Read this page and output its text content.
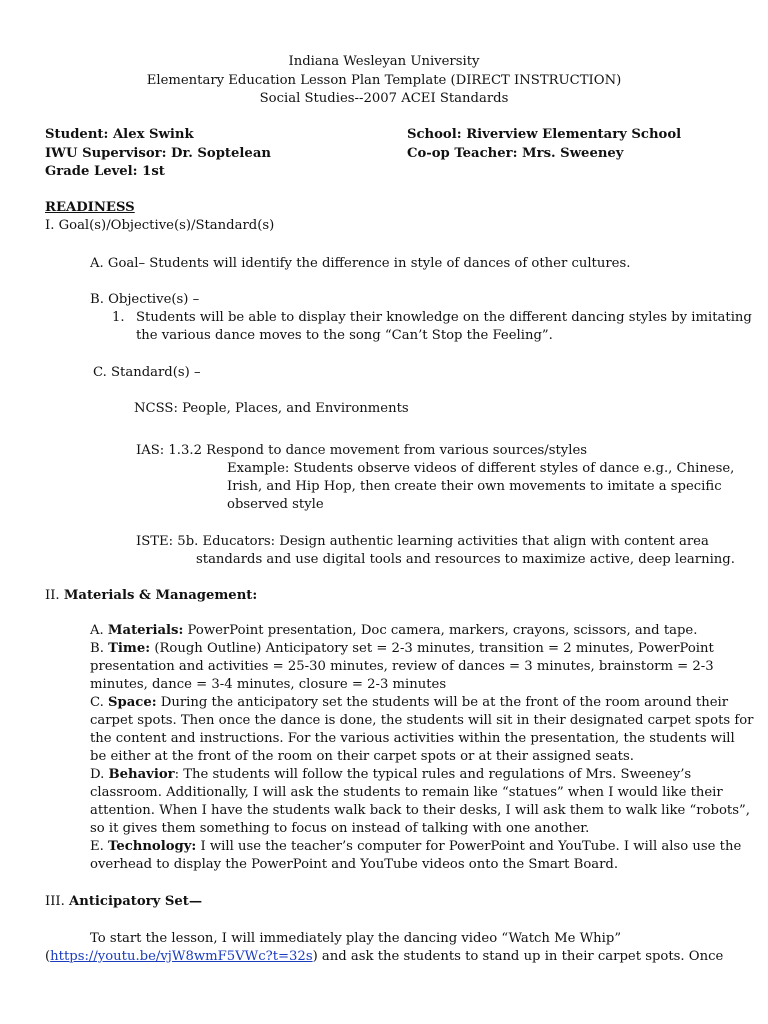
Indiana Wesleyan University
Elementary Education Lesson Plan Template (DIRECT INSTRUCTION)
Social Studies--2007 ACEI Standards
Student: Alex Swink
IWU Supervisor: Dr. Soptelean
Grade Level: 1st
School: Riverview Elementary School
Co-op Teacher: Mrs. Sweeney
READINESS
I. Goal(s)/Objective(s)/Standard(s)
A. Goal– Students will identify the difference in style of dances of other cultures.
B. Objective(s) –
1. Students will be able to display their knowledge on the different dancing styles by imitating
the various dance moves to the song “Can’t Stop the Feeling”.
C. Standard(s) –
NCSS: People, Places, and Environments
IAS: 1.3.2 Respond to dance movement from various sources/styles
Example: Students observe videos of different styles of dance e.g., Chinese,
Irish, and Hip Hop, then create their own movements to imitate a specific
observed style
ISTE: 5b. Educators: Design authentic learning activities that align with content area
standards and use digital tools and resources to maximize active, deep learning.
II. Materials & Management:
A. Materials: PowerPoint presentation, Doc camera, markers, crayons, scissors, and tape.
B. Time: (Rough Outline) Anticipatory set = 2-3 minutes, transition = 2 minutes, PowerPoint
presentation and activities = 25-30 minutes, review of dances = 3 minutes, brainstorm = 2-3
minutes, dance = 3-4 minutes, closure = 2-3 minutes
C. Space: During the anticipatory set the students will be at the front of the room around their
carpet spots. Then once the dance is done, the students will sit in their designated carpet spots for
the content and instructions. For the various activities within the presentation, the students will
be either at the front of the room on their carpet spots or at their assigned seats.
D. Behavior: The students will follow the typical rules and regulations of Mrs. Sweeney’s
classroom. Additionally, I will ask the students to remain like “statues” when I would like their
attention. When I have the students walk back to their desks, I will ask them to walk like “robots”,
so it gives them something to focus on instead of talking with one another.
E. Technology: I will use the teacher’s computer for PowerPoint and YouTube. I will also use the
overhead to display the PowerPoint and YouTube videos onto the Smart Board.
III. Anticipatory Set—
To start the lesson, I will immediately play the dancing video “Watch Me Whip”
(https://youtu.be/vjW8wmF5VWc?t=32s) and ask the students to stand up in their carpet spots. Once
